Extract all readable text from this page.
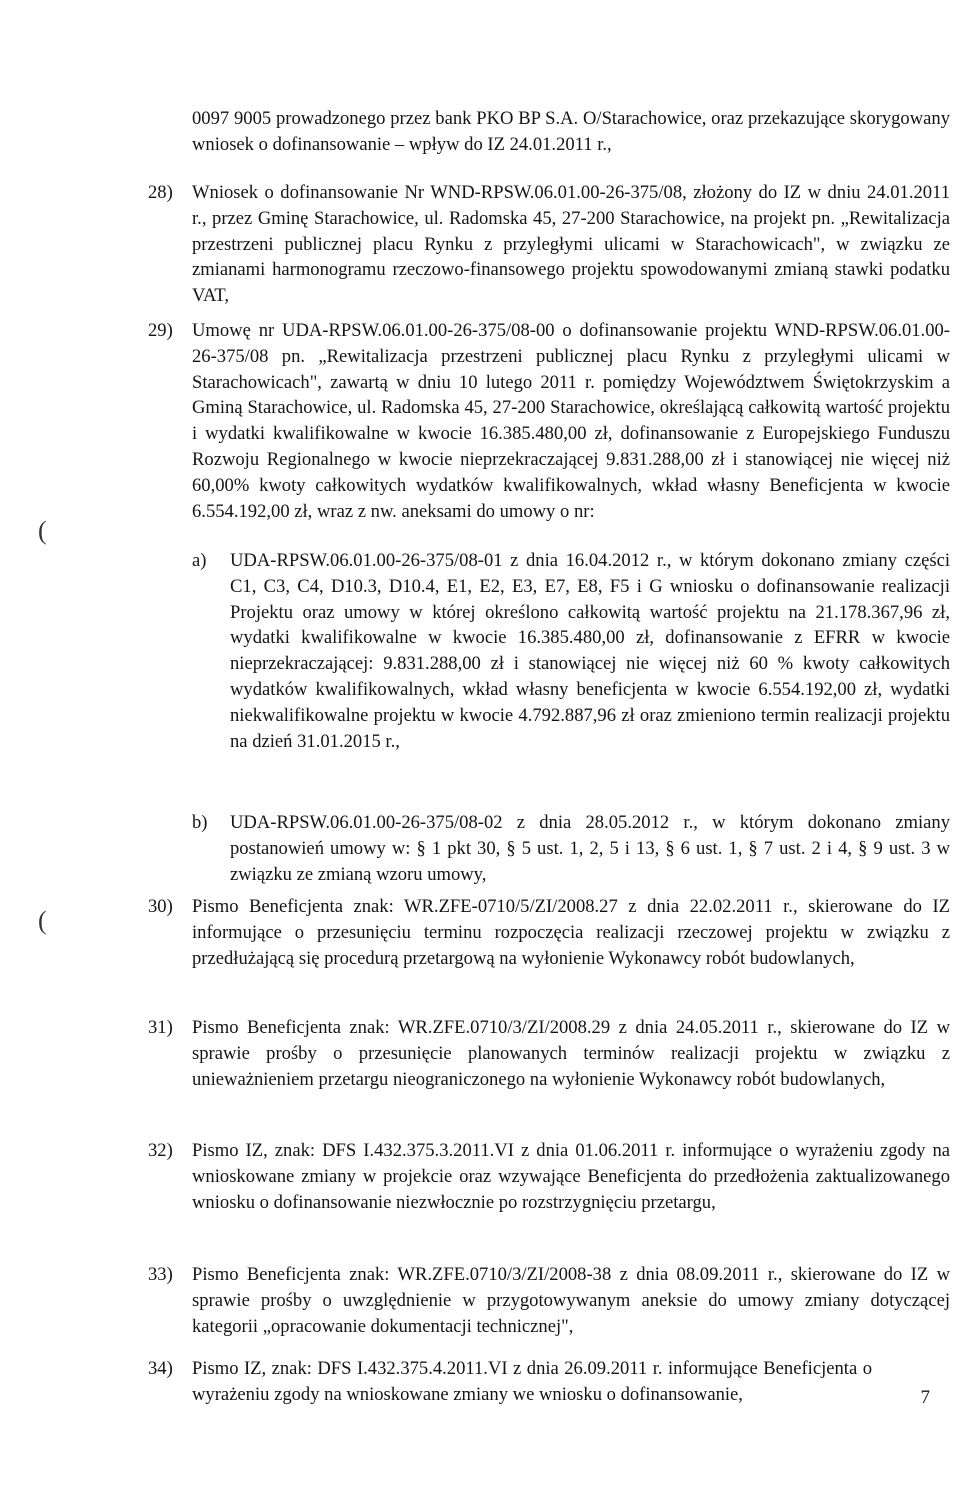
(
(
0097 9005 prowadzonego przez bank PKO BP S.A. O/Starachowice, oraz przekazujące skorygowany wniosek o dofinansowanie – wpływ do IZ 24.01.2011 r.,
28) Wniosek o dofinansowanie Nr WND-RPSW.06.01.00-26-375/08, złożony do IZ w dniu 24.01.2011 r., przez Gminę Starachowice, ul. Radomska 45, 27-200 Starachowice, na projekt pn. „Rewitalizacja przestrzeni publicznej placu Rynku z przyległymi ulicami w Starachowicach", w związku ze zmianami harmonogramu rzeczowo-finansowego projektu spowodowanymi zmianą stawki podatku VAT,
29) Umowę nr UDA-RPSW.06.01.00-26-375/08-00 o dofinansowanie projektu WND-RPSW.06.01.00-26-375/08 pn. „Rewitalizacja przestrzeni publicznej placu Rynku z przyległymi ulicami w Starachowicach", zawartą w dniu 10 lutego 2011 r. pomiędzy Województwem Świętokrzyskim a Gminą Starachowice, ul. Radomska 45, 27-200 Starachowice, określającą całkowitą wartość projektu i wydatki kwalifikowalne w kwocie 16.385.480,00 zł, dofinansowanie z Europejskiego Funduszu Rozwoju Regionalnego w kwocie nieprzekraczającej 9.831.288,00 zł i stanowiącej nie więcej niż 60,00% kwoty całkowitych wydatków kwalifikowalnych, wkład własny Beneficjenta w kwocie 6.554.192,00 zł, wraz z nw. aneksami do umowy o nr:
a) UDA-RPSW.06.01.00-26-375/08-01 z dnia 16.04.2012 r., w którym dokonano zmiany części C1, C3, C4, D10.3, D10.4, E1, E2, E3, E7, E8, F5 i G wniosku o dofinansowanie realizacji Projektu oraz umowy w której określono całkowitą wartość projektu na 21.178.367,96 zł, wydatki kwalifikowalne w kwocie 16.385.480,00 zł, dofinansowanie z EFRR w kwocie nieprzekraczającej: 9.831.288,00 zł i stanowiącej nie więcej niż 60 % kwoty całkowitych wydatków kwalifikowalnych, wkład własny beneficjenta w kwocie 6.554.192,00 zł, wydatki niekwalifikowalne projektu w kwocie 4.792.887,96 zł oraz zmieniono termin realizacji projektu na dzień 31.01.2015 r.,
b) UDA-RPSW.06.01.00-26-375/08-02 z dnia 28.05.2012 r., w którym dokonano zmiany postanowień umowy w: § 1 pkt 30, § 5 ust. 1, 2, 5 i 13, § 6 ust. 1, § 7 ust. 2 i 4, § 9 ust. 3 w związku ze zmianą wzoru umowy,
30) Pismo Beneficjenta znak: WR.ZFE-0710/5/ZI/2008.27 z dnia 22.02.2011 r., skierowane do IZ informujące o przesunięciu terminu rozpoczęcia realizacji rzeczowej projektu w związku z przedłużającą się procedurą przetargową na wyłonienie Wykonawcy robót budowlanych,
31) Pismo Beneficjenta znak: WR.ZFE.0710/3/ZI/2008.29 z dnia 24.05.2011 r., skierowane do IZ w sprawie prośby o przesunięcie planowanych terminów realizacji projektu w związku z unieważnieniem przetargu nieograniczonego na wyłonienie Wykonawcy robót budowlanych,
32) Pismo IZ, znak: DFS I.432.375.3.2011.VI z dnia 01.06.2011 r. informujące o wyrażeniu zgody na wnioskowane zmiany w projekcie oraz wzywające Beneficjenta do przedłożenia zaktualizowanego wniosku o dofinansowanie niezwłocznie po rozstrzygnięciu przetargu,
33) Pismo Beneficjenta znak: WR.ZFE.0710/3/ZI/2008-38 z dnia 08.09.2011 r., skierowane do IZ w sprawie prośby o uwzględnienie w przygotowywanym aneksie do umowy zmiany dotyczącej kategorii „opracowanie dokumentacji technicznej",
34) Pismo IZ, znak: DFS I.432.375.4.2011.VI z dnia 26.09.2011 r. informujące Beneficjenta o wyrażeniu zgody na wnioskowane zmiany we wniosku o dofinansowanie,	7
